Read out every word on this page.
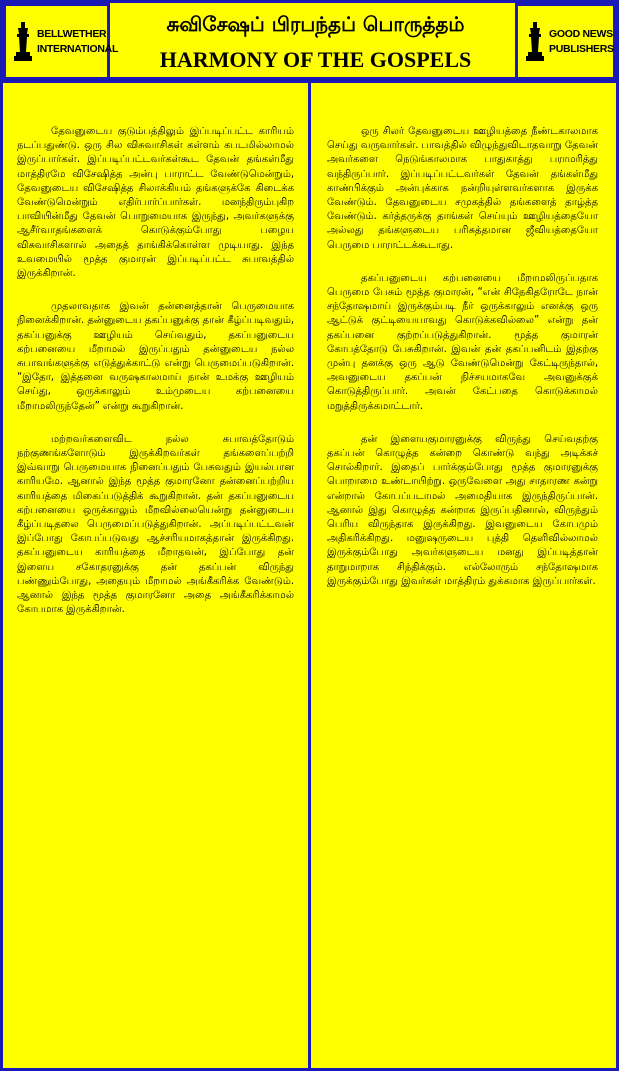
BELLWETHER
INTERNATIONAL
சுவிசேஷப் பிரபந்தப் பொருத்தம்
HARMONY OF THE GOSPELS
GOOD NEWS
PUBLISHERS

தேவனுடைய குடும்பத்திலும் இப்படிப்பட்ட காரியம் நடப்பதுண்டு. ஒரு சில விசுவாசிகள் கள்ளம் கபடமில்லாமல் இருப்பார்கள். இப்படிப்பட்டவர்கள்கூட தேவன் தங்கள்மீது மாத்திரமே விசேஷித்த அன்பு பாராட்ட வேண்டுமென்றும், தேவனுடைய விசேஷித்த சிலாக்கியம் தங்களுக்கே கிடைக்க வேண்டுமென்றும் எதிர்பார்ப்பார்கள். மனந்திரும்புகிற பாவியின்மீது தேவன் பொறுமையாக இருந்து, அவர்களுக்கு ஆசீர்வாதங்களைக் கொடுக்கும்போது பழைய விசுவாசிகளால் அதைத் தாங்கிக்கொள்ள முடியாது. இந்த உவமையில் மூத்த குமாரன் இப்படிப்பட்ட சுபாவத்தில் இருக்கிறான்.

முதலாவதாக இவன் தன்னைத்தான் பெருமையாக நினைக்கிறான். தன்னுடைய தகப்பனுக்கு தான் கீழ்ப்படிவதும், தகப்பனுக்கு ஊழியம் செய்வதும், தகப்பனுடைய கற்பனையை மீறாமல் இருப்பதும் தன்னுடைய நல்ல சுபாவங்களுக்கு எடுத்துக்காட்டு என்று பெருமைப்படுகிறான். “இதோ, இத்தனை வருஷகாலமாய் நான் உமக்கு ஊழியம் செய்து, ஒருக்காலும் உம்முடைய கற்பனையை மீறாமலிருந்தேன்” என்று கூறுகிறான்.

மற்றவர்களைவிட நல்ல சுபாவத்தோடும் நற்குணங்களோடும் இருக்கிறவர்கள் தங்களைப்பற்றி இவ்வாறு பெருமையாக நினைப்பதும் பேசுவதும் இயல்பான காரியமே. ஆனால் இந்த மூத்த குமாரனோ தன்னைப்பற்றிய காரியத்தை மிகைப்படுத்திக் கூறுகிறான். தன் தகப்பனுடைய கற்பனையை ஒருக்காலும் மீறவில்லையென்று தன்னுடைய கீழ்ப்படிதலை பெருமைப்படுத்துகிறான். அப்படிப்பட்டவன் இப்போது கோபப்படுவது ஆச்சரியமாகத்தான் இருக்கிறது. தகப்பனுடைய காரியத்தை மீறாதவன், இப்போது தன் இளைய சகோதரனுக்கு தன் தகப்பன் விருந்து பண்ணும்போது, அதையும் மீறாமல் அங்கீகரிக்க வேண்டும். ஆனால் இந்த மூத்த குமாரனோ அதை அங்கீகரிக்காமல் கோபமாக இருக்கிறான்.

ஒரு சிலர் தேவனுடைய ஊழியத்தை நீண்டகாலமாக செய்து வருவார்கள். பாவத்தில் விழுந்துவிடாதவாறு தேவன் அவர்களை நெடுங்காலமாக பாதுகாத்து பராமரித்து வந்திருப்பார். இப்படிப்பட்டவர்கள் தேவன் தங்கள்மீது காண்பிக்கும் அன்புக்காக நன்றியுள்ளவர்களாக இருக்க வேண்டும். தேவனுடைய சமுகத்தில் தங்களைத் தாழ்த்த வேண்டும். கர்த்தருக்கு தாங்கள் செய்யும் ஊழியத்தையோ அல்லது தங்களுடைய பரிசுத்தமான ஜீவியத்தையோ பெருமை பாராட்டக்கூடாது.

தகப்பனுடைய கற்பனையை மீறாமலிருப்பதாக பெருமை பேசும் மூத்த குமாரன், “என் சிநேகிதரோடே நான் சந்தோஷமாய் இருக்கும்படி நீர் ஒருக்காலும் எனக்கு ஒரு ஆட்டுக் குட்டியையாவது கொடுக்கவில்லை” என்று தன் தகப்பனை குற்றப்படுத்துகிறான். மூத்த குமாரன் கோபத்தோடு பேசுகிறான். இவன் தன் தகப்பனிடம் இதற்கு முன்பு தனக்கு ஒரு ஆடு வேண்டுமென்று கேட்டிருந்தால், அவனுடைய தகப்பன் நிச்சயமாகவே அவனுக்குக் கொடுத்திருப்பார். அவன் கேட்பதை கொடுக்காமல் மறுத்திருக்கமாட்டார்.

தன் இளையகுமாரனுக்கு விருந்து செய்வதற்கு தகப்பன் கொழுத்த கன்றை கொண்டு வந்து அடிக்கச் சொல்கிறார். இதைப் பார்க்கும்போது மூத்த குமாரனுக்கு பொறாமை உண்டாயிற்று. ஒருவேளை அது சாதாரண கன்று என்றால் கோபப்படாமல் அமைதியாக இருந்திருப்பான். ஆனால் இது கொழுத்த கன்றாக இருப்பதினால், விருந்தும் பெரிய விருந்தாக இருக்கிறது. இவனுடைய கோபமும் அதிகரிக்கிறது. மனுஷருடைய புத்தி தெளிவில்லாமல் இருக்கும்போது அவர்களுடைய மனது இப்படித்தான் தாறுமாறாக சிந்திக்கும். எல்லோரும் சந்தோஷமாக இருக்கும்போது இவர்கள் மாத்திரம் துக்கமாக இருப்பார்கள்.
